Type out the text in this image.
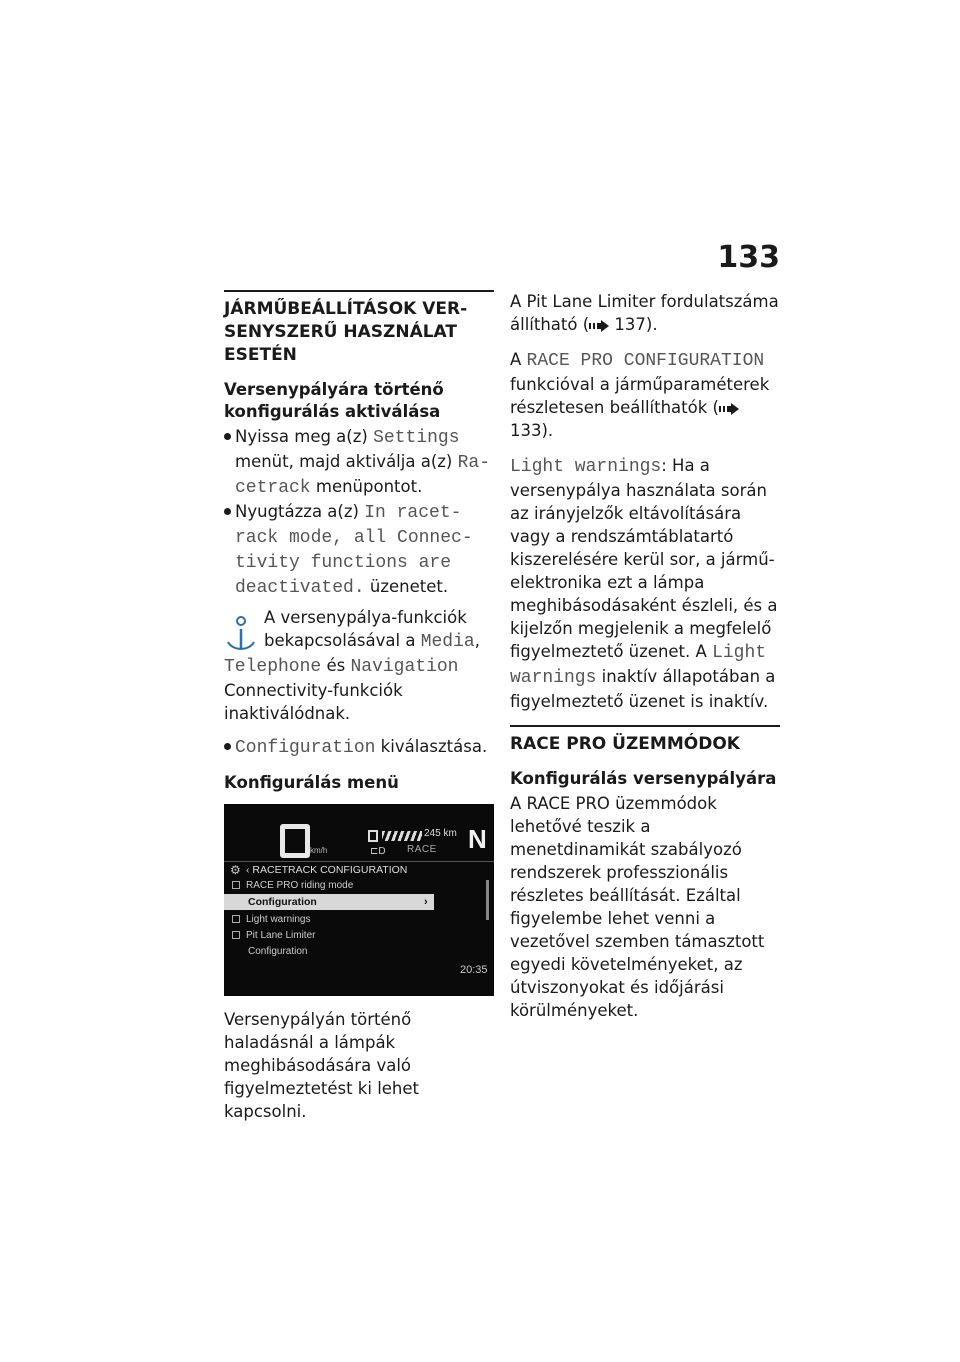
133
JÁRMŰBEÁLLÍTÁSOK VER-SENYSZERŰ HASZNÁLAT ESETÉN
Versenypályára történő konfigurálás aktiválása
Nyissa meg a(z) Settings menüt, majd aktiválja a(z) Ra-cetrack menüpontot.
Nyugtázza a(z) In racet-rack mode, all Connec-tivity functions are deactivated. üzenetet.
A versenypálya-funkciók bekapcsolásával a Media, Telephone és Navigation Connectivity-funkciók inaktiválódnak.
Configuration kiválasztása.
Konfigurálás menü
km/h
245 km
⊏D RACE N
⚙ ‹ RACETRACK CONFIGURATION
RACE PRO riding mode
Configuration	›
Light warnings
Pit Lane Limiter
Configuration
20:35

Versenypályán történő haladásnál a lámpák meghibásodására való figyelmeztetést ki lehet kapcsolni.

A Pit Lane Limiter fordulatszáma állítható ( 137).

A RACE PRO CONFIGURATION funkcióval a járműparaméterek részletesen beállíthatók ( 133).

Light warnings: Ha a versenypálya használata során az irányjelzők eltávolítására vagy a rendszámtáblatartó kiszerelésére kerül sor, a jármű-elektronika ezt a lámpa meghibásodásaként észleli, és a kijelzőn megjelenik a megfelelő figyelmeztető üzenet. A Light warnings inaktív állapotában a figyelmeztető üzenet is inaktív.

RACE PRO ÜZEMMÓDOK
Konfigurálás versenypályára

A RACE PRO üzemmódok lehetővé teszik a menetdinamikát szabályozó rendszerek professzionális részletes beállítását. Ezáltal figyelembe lehet venni a vezetővel szemben támasztott egyedi követelményeket, az útviszonyokat és időjárási körülményeket.
